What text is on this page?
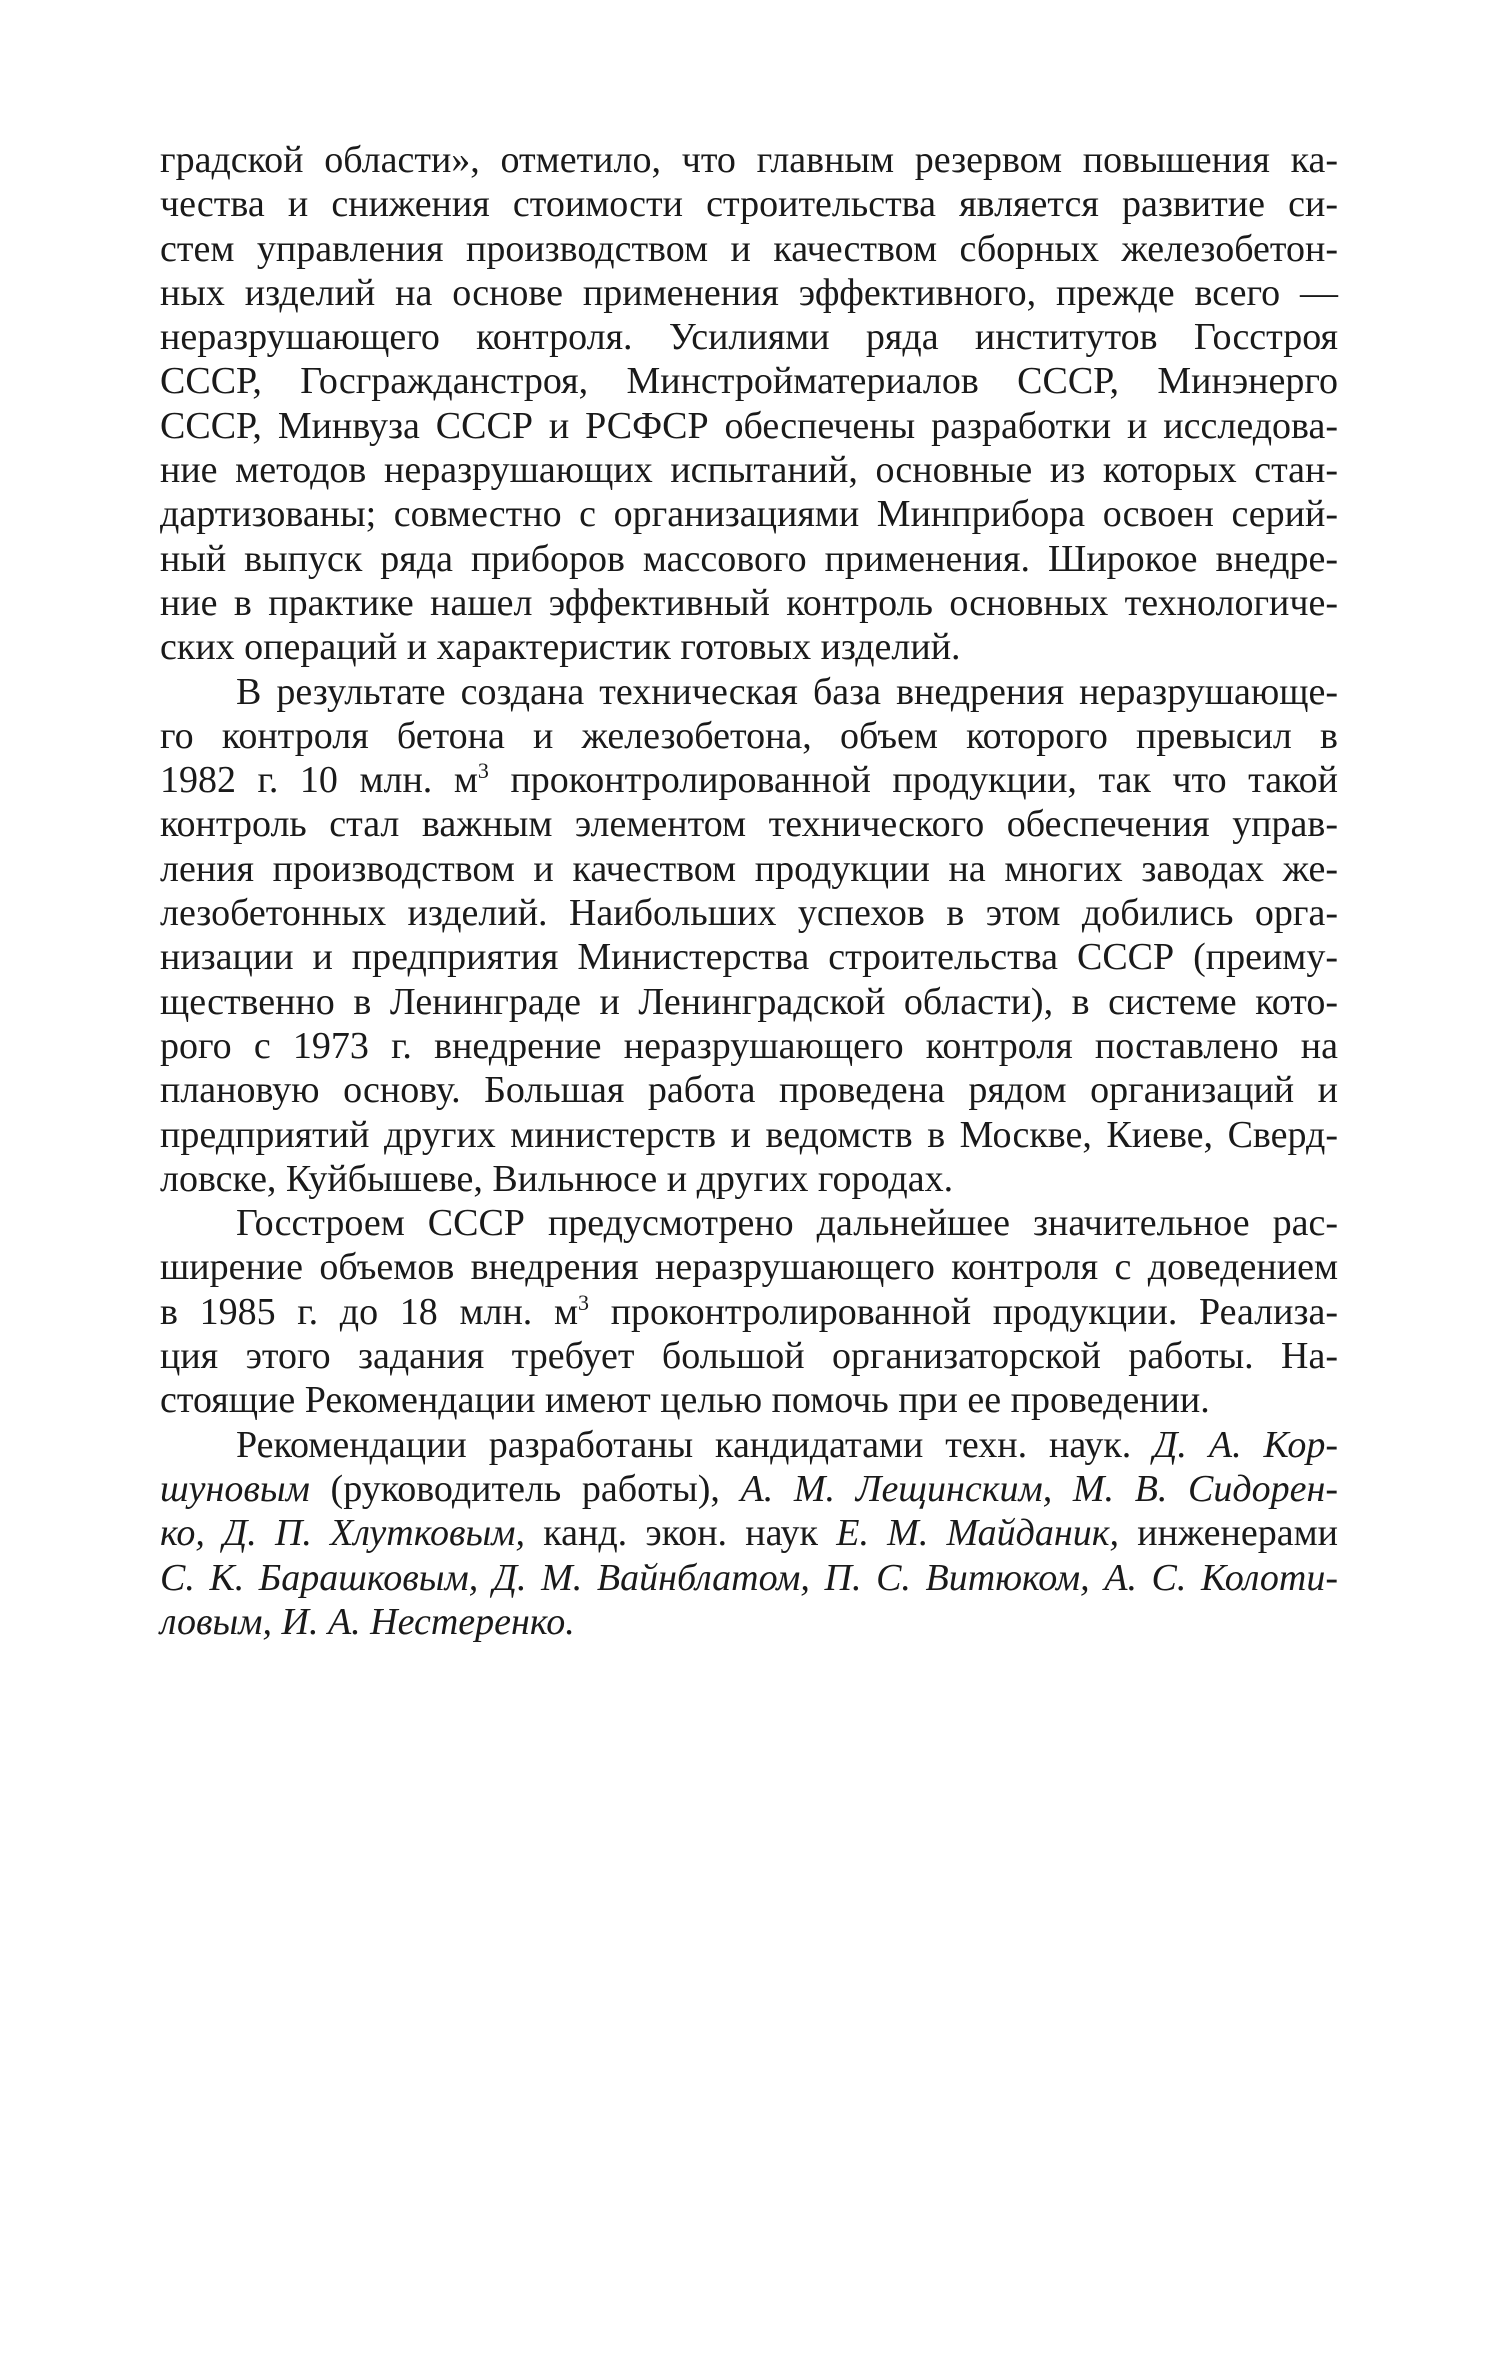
градской области», отметило, что главным резервом повышения ка-
чества и снижения стоимости строительства является развитие си-
стем управления производством и качеством сборных железобетон-
ных изделий на основе применения эффективного, прежде всего —
неразрушающего контроля. Усилиями ряда институтов Госстроя
СССР, Госгражданстроя, Минстройматериалов СССР, Минэнерго
СССР, Минвуза СССР и РСФСР обеспечены разработки и исследова-
ние методов неразрушающих испытаний, основные из которых стан-
дартизованы; совместно с организациями Минприбора освоен серий-
ный выпуск ряда приборов массового применения. Широкое внедре-
ние в практике нашел эффективный контроль основных технологиче-
ских операций и характеристик готовых изделий.
В результате создана техническая база внедрения неразрушающе-
го контроля бетона и железобетона, объем которого превысил в
1982 г. 10 млн. $м^3$ проконтролированной продукции, так что такой
контроль стал важным элементом технического обеспечения управ-
ления производством и качеством продукции на многих заводах же-
лезобетонных изделий. Наибольших успехов в этом добились орга-
низации и предприятия Министерства строительства СССР (преиму-
щественно в Ленинграде и Ленинградской области), в системе кото-
рого с 1973 г. внедрение неразрушающего контроля поставлено на
плановую основу. Большая работа проведена рядом организаций и
предприятий других министерств и ведомств в Москве, Киеве, Сверд-
ловске, Куйбышеве, Вильнюсе и других городах.
Госстроем СССР предусмотрено дальнейшее значительное рас-
ширение объемов внедрения неразрушающего контроля с доведением
в 1985 г. до 18 млн. $м^3$ проконтролированной продукции. Реализа-
ция этого задания требует большой организаторской работы. На-
стоящие Рекомендации имеют целью помочь при ее проведении.
Рекомендации разработаны кандидатами техн. наук. Д. А. Кор-
шуновым (руководитель работы), А. М. Лещинским, М. В. Сидорен-
ко, Д. П. Хлутковым, канд. экон. наук Е. М. Майданик, инженерами
С. К. Барашковым, Д. М. Вайнблатом, П. С. Витюком, А. С. Колоти-
ловым, И. А. Нестеренко.
